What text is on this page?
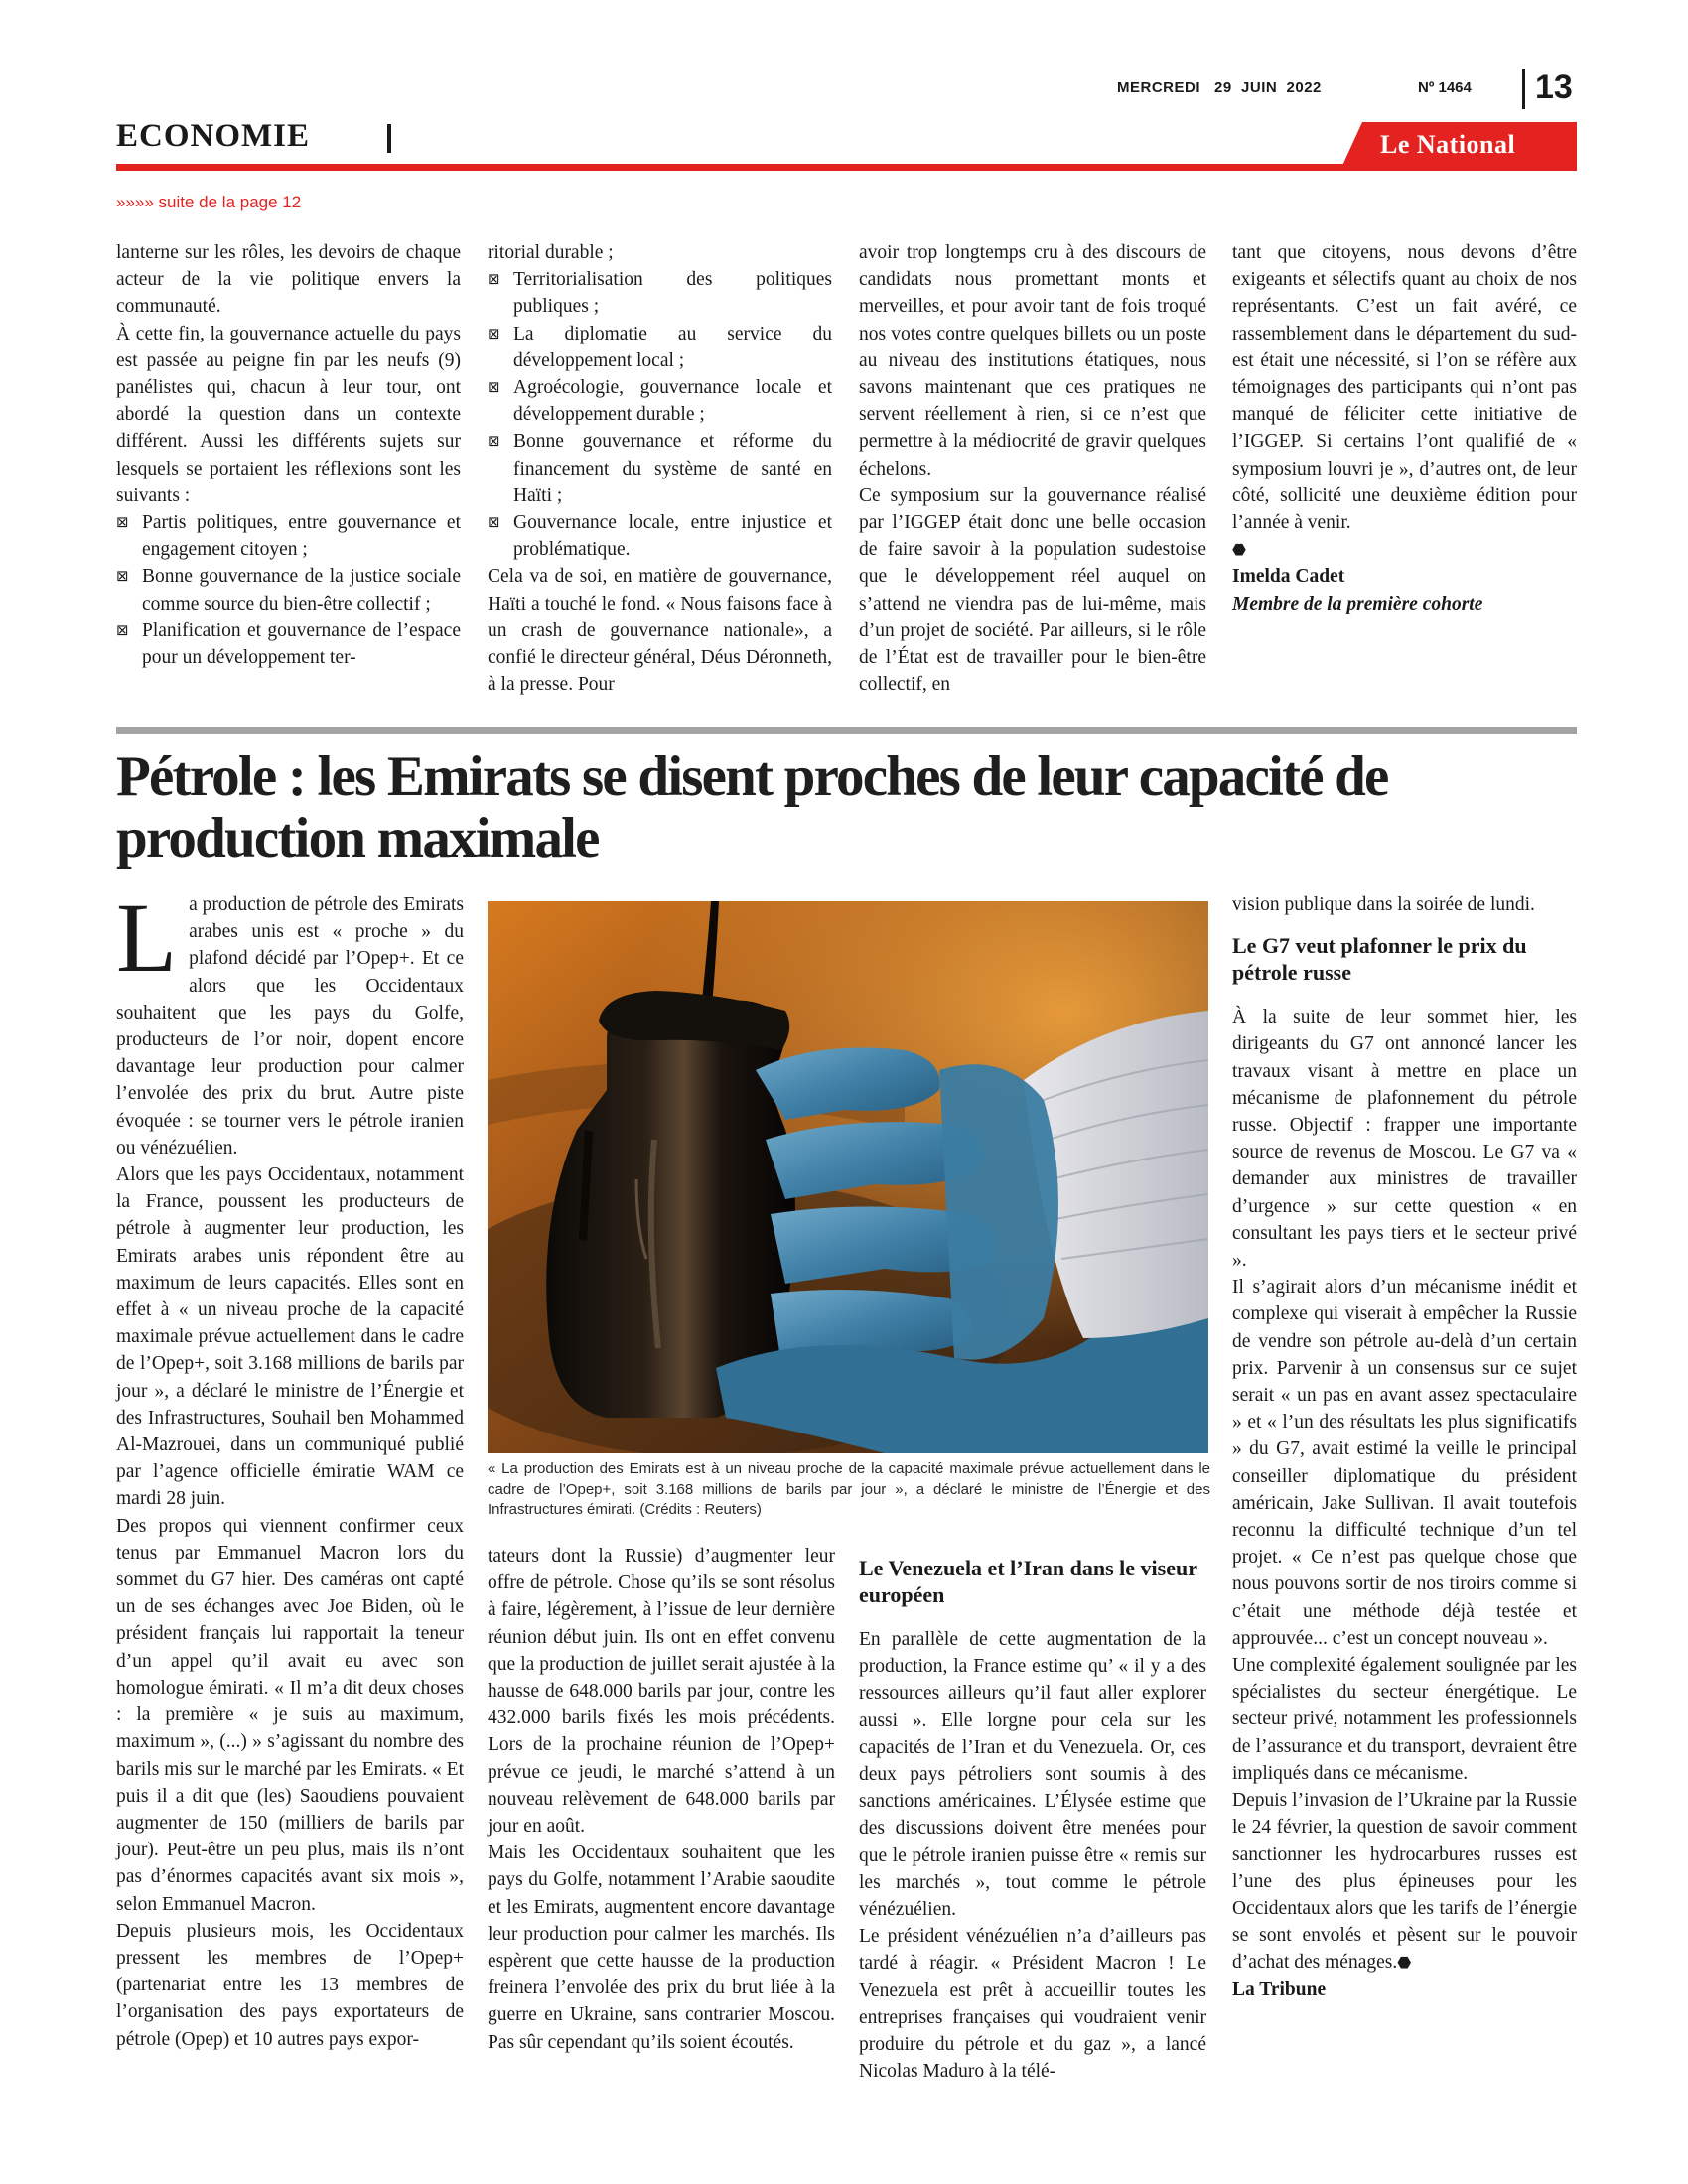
MERCREDI   29  JUIN  2022	Nº 1464 13
ECONOMIE	Le National
»»»» suite de la page 12

lanterne sur les rôles, les devoirs de chaque acteur de la vie politique envers la communauté.

À cette fin, la gouvernance actuelle du pays est passée au peigne fin par les neufs (9) panélistes qui, chacun à leur tour, ont abordé la question dans un contexte différent. Aussi les différents sujets sur lesquels se portaient les réflexions sont les suivants :

⊠ Partis politiques, entre gouvernance et engagement citoyen ;
⊠ Bonne gouvernance de la justice sociale comme source du bien-être collectif ;
⊠ Planification et gouvernance de l’espace pour un développement ter-

ritorial durable ;

⊠ Territorialisation des politiques publiques ;
⊠ La diplomatie au service du développement local ;
⊠ Agroécologie, gouvernance locale et développement durable ;
⊠ Bonne gouvernance et réforme du financement du système de santé en Haïti ;
⊠ Gouvernance locale, entre injustice et problématique.

Cela va de soi, en matière de gouvernance, Haïti a touché le fond. « Nous faisons face à un crash de gouvernance nationale», a confié le directeur général, Déus Déronneth, à la presse. Pour

avoir trop longtemps cru à des discours de candidats nous promettant monts et merveilles, et pour avoir tant de fois troqué nos votes contre quelques billets ou un poste au niveau des institutions étatiques, nous savons maintenant que ces pratiques ne servent réellement à rien, si ce n’est que permettre à la médiocrité de gravir quelques échelons.

Ce symposium sur la gouvernance réalisé par l’IGGEP était donc une belle occasion de faire savoir à la population sudestoise que le développement réel auquel on s’attend ne viendra pas de lui-même, mais d’un projet de société. Par ailleurs, si le rôle de l’État est de travailler pour le bien-être collectif, en

tant que citoyens, nous devons d’être exigeants et sélectifs quant au choix de nos représentants. C’est un fait avéré, ce rassemblement dans le département du sud-est était une nécessité, si l’on se réfère aux témoignages des participants qui n’ont pas manqué de féliciter cette initiative de l’IGGEP. Si certains l’ont qualifié de « symposium louvri je », d’autres ont, de leur côté, sollicité une deuxième édition pour l’année à venir.

⬣

Imelda Cadet

Membre de la première cohorte

Pétrole : les Emirats se disent proches de leur capacité de production maximale

La production de pétrole des Emirats arabes unis est « proche » du plafond décidé par l’Opep+. Et ce alors que les Occidentaux souhaitent que les pays du Golfe, producteurs de l’or noir, dopent encore davantage leur production pour calmer l’envolée des prix du brut. Autre piste évoquée : se tourner vers le pétrole iranien ou vénézuélien.

Alors que les pays Occidentaux, notamment la France, poussent les producteurs de pétrole à augmenter leur production, les Emirats arabes unis répondent être au maximum de leurs capacités. Elles sont en effet à « un niveau proche de la capacité maximale prévue actuellement dans le cadre de l’Opep+, soit 3.168 millions de barils par jour », a déclaré le ministre de l’Énergie et des Infrastructures, Souhail ben Mohammed Al-Mazrouei, dans un communiqué publié par l’agence officielle émiratie WAM ce mardi 28 juin.

Des propos qui viennent confirmer ceux tenus par Emmanuel Macron lors du sommet du G7 hier. Des caméras ont capté un de ses échanges avec Joe Biden, où le président français lui rapportait la teneur d’un appel qu’il avait eu avec son homologue émirati. « Il m’a dit deux choses : la première « je suis au maximum, maximum », (...) » s’agissant du nombre des barils mis sur le marché par les Emirats. « Et puis il a dit que (les) Saoudiens pouvaient augmenter de 150 (milliers de barils par jour). Peut-être un peu plus, mais ils n’ont pas d’énormes capacités avant six mois », selon Emmanuel Macron.

Depuis plusieurs mois, les Occidentaux pressent les membres de l’Opep+ (partenariat entre les 13 membres de l’organisation des pays exportateurs de pétrole (Opep) et 10 autres pays expor-

« La production des Emirats est à un niveau proche de la capacité maximale prévue actuellement dans le cadre de l’Opep+, soit 3.168 millions de barils par jour », a déclaré le ministre de l’Énergie et des Infrastructures émirati. (Crédits : Reuters)

tateurs dont la Russie) d’augmenter leur offre de pétrole. Chose qu’ils se sont résolus à faire, légèrement, à l’issue de leur dernière réunion début juin. Ils ont en effet convenu que la production de juillet serait ajustée à la hausse de 648.000 barils par jour, contre les 432.000 barils fixés les mois précédents. Lors de la prochaine réunion de l’Opep+ prévue ce jeudi, le marché s’attend à un nouveau relèvement de 648.000 barils par jour en août.

Mais les Occidentaux souhaitent que les pays du Golfe, notamment l’Arabie saoudite et les Emirats, augmentent encore davantage leur production pour calmer les marchés. Ils espèrent que cette hausse de la production freinera l’envolée des prix du brut liée à la guerre en Ukraine, sans contrarier Moscou. Pas sûr cependant qu’ils soient écoutés.

Le Venezuela et l’Iran dans le viseur européen

En parallèle de cette augmentation de la production, la France estime qu’ « il y a des ressources ailleurs qu’il faut aller explorer aussi ». Elle lorgne pour cela sur les capacités de l’Iran et du Venezuela. Or, ces deux pays pétroliers sont soumis à des sanctions américaines. L’Élysée estime que des discussions doivent être menées pour que le pétrole iranien puisse être « remis sur les marchés », tout comme le pétrole vénézuélien.

Le président vénézuélien n’a d’ailleurs pas tardé à réagir. « Président Macron ! Le Venezuela est prêt à accueillir toutes les entreprises françaises qui voudraient venir produire du pétrole et du gaz », a lancé Nicolas Maduro à la télé-

vision publique dans la soirée de lundi.

Le G7 veut plafonner le prix du pétrole russe

À la suite de leur sommet hier, les dirigeants du G7 ont annoncé lancer les travaux visant à mettre en place un mécanisme de plafonnement du pétrole russe. Objectif : frapper une importante source de revenus de Moscou. Le G7 va « demander aux ministres de travailler d’urgence » sur cette question « en consultant les pays tiers et le secteur privé ».

Il s’agirait alors d’un mécanisme inédit et complexe qui viserait à empêcher la Russie de vendre son pétrole au-delà d’un certain prix. Parvenir à un consensus sur ce sujet serait « un pas en avant assez spectaculaire » et « l’un des résultats les plus significatifs » du G7, avait estimé la veille le principal conseiller diplomatique du président américain, Jake Sullivan. Il avait toutefois reconnu la difficulté technique d’un tel projet. « Ce n’est pas quelque chose que nous pouvons sortir de nos tiroirs comme si c’était une méthode déjà testée et approuvée... c’est un concept nouveau ».

Une complexité également soulignée par les spécialistes du secteur énergétique. Le secteur privé, notamment les professionnels de l’assurance et du transport, devraient être impliqués dans ce mécanisme.

Depuis l’invasion de l’Ukraine par la Russie le 24 février, la question de savoir comment sanctionner les hydrocarbures russes est l’une des plus épineuses pour les Occidentaux alors que les tarifs de l’énergie se sont envolés et pèsent sur le pouvoir d’achat des ménages.⬣

La Tribune
